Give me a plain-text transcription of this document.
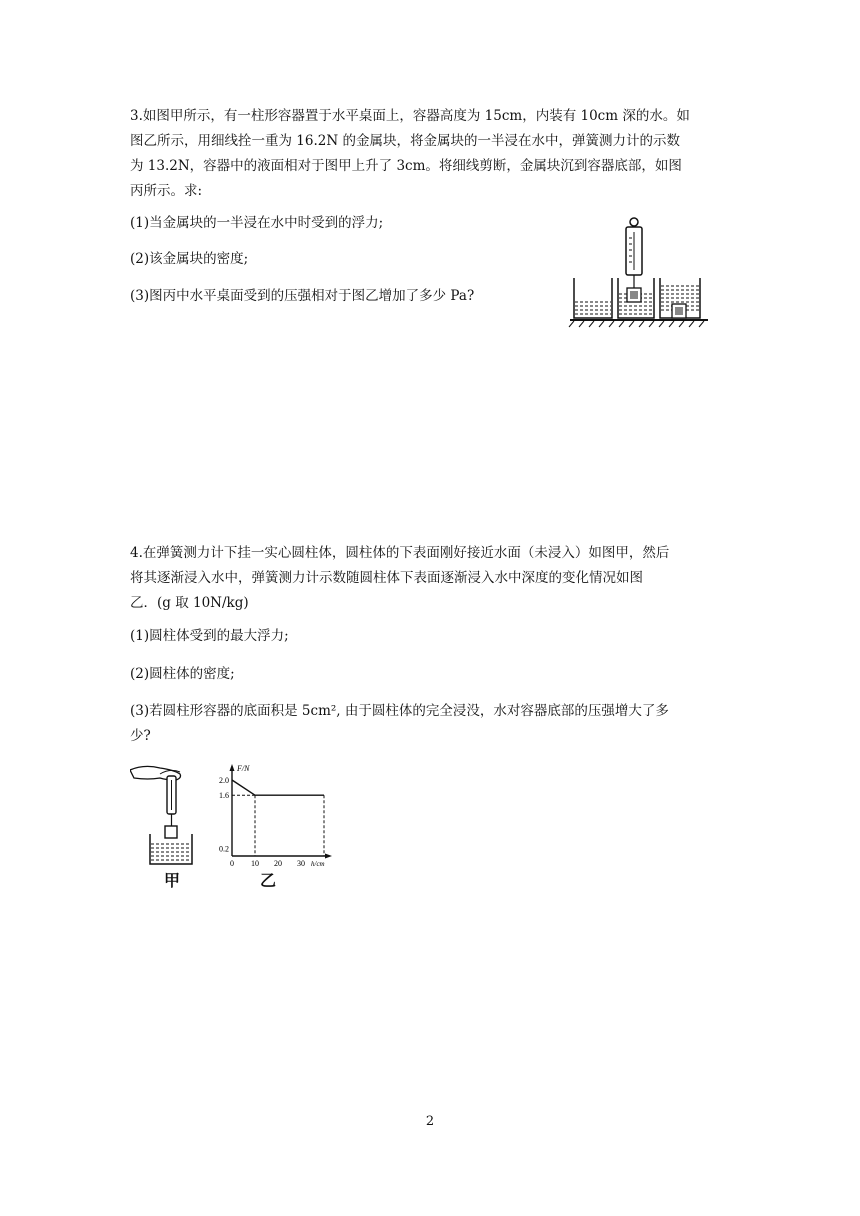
3.如图甲所示，有一柱形容器置于水平桌面上，容器高度为 15cm，内装有 10cm 深的水。如
图乙所示，用细线拴一重为 16.2N 的金属块，将金属块的一半浸在水中，弹簧测力计的示数
为 13.2N，容器中的液面相对于图甲上升了 3cm。将细线剪断，金属块沉到容器底部，如图
丙所示。求:
(1)当金属块的一半浸在水中时受到的浮力;
(2)该金属块的密度;
(3)图丙中水平桌面受到的压强相对于图乙增加了多少 Pa?
4.在弹簧测力计下挂一实心圆柱体，圆柱体的下表面刚好接近水面（未浸入）如图甲，然后
将其逐渐浸入水中，弹簧测力计示数随圆柱体下表面逐渐浸入水中深度的变化情况如图
乙．(g 取 10N/kg)
(1)圆柱体受到的最大浮力;
(2)圆柱体的密度;
(3)若圆柱形容器的底面积是 5cm², 由于圆柱体的完全浸没，水对容器底部的压强增大了多
少?
甲
F/N
h/cm
2.0
1.6
0.2
0 10 20 30
乙
2
